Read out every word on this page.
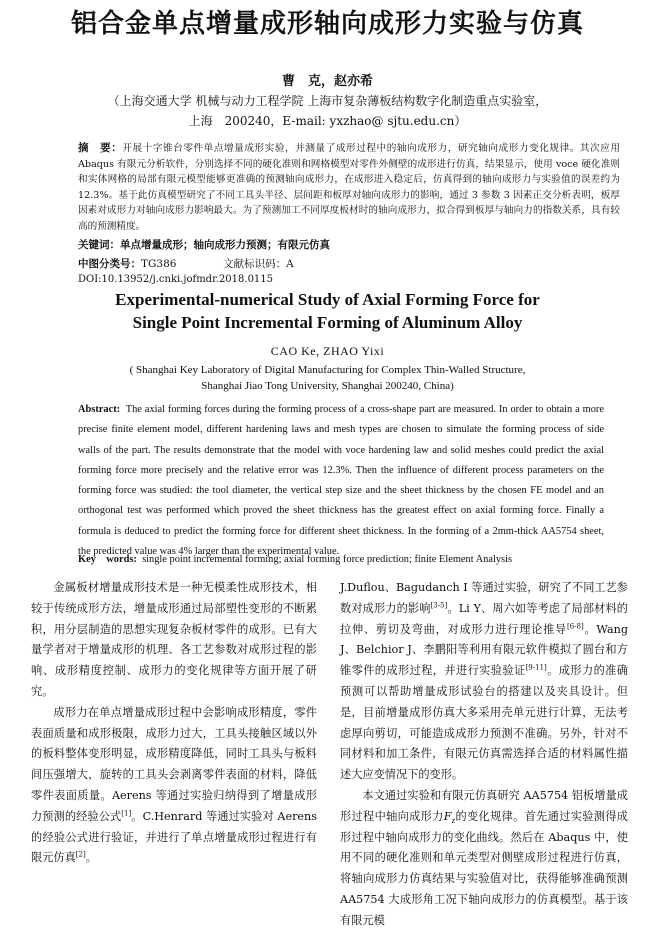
铝合金单点增量成形轴向成形力实验与仿真
曹　克，赵亦希
（上海交通大学 机械与动力工程学院 上海市复杂薄板结构数字化制造重点实验室，
上海　200240，E-mail: yxzhao@ sjtu.edu.cn）
摘　要：开展十字锥台零件单点增量成形实验，并测量了成形过程中的轴向成形力，研究轴向成形力变化规律。其次应用 Abaqus 有限元分析软件，分别选择不同的硬化准则和网格模型对零件外侧壁的成形进行仿真，结果显示，使用 voce 硬化准则和实体网格的局部有限元模型能够更准确的预测轴向成形力，在成形进入稳定后，仿真得到的轴向成形力与实验值的误差约为 12.3%。基于此仿真模型研究了不同工具头半径、层间距和板厚对轴向成形力的影响，通过 3 参数 3 因素正交分析表明，板厚因素对成形力对轴向成形力影响最大。为了预测加工不同厚度板材时的轴向成形力，拟合得到板厚与轴向力的指数关系，具有较高的预测精度。
关键词：单点增量成形；轴向成形力预测；有限元仿真
中图分类号：TG386	文献标识码：A
DOI:10.13952/j.cnki.jofmdr.2018.0115
Experimental-numerical Study of Axial Forming Force for
Single Point Incremental Forming of Aluminum Alloy
CAO Ke, ZHAO Yixi
( Shanghai Key Laboratory of Digital Manufacturing for Complex Thin-Walled Structure,
Shanghai Jiao Tong University, Shanghai 200240, China)
Abstract: The axial forming forces during the forming process of a cross-shape part are measured. In order to obtain a more precise finite element model, different hardening laws and mesh types are chosen to simulate the forming process of side walls of the part. The results demonstrate that the model with voce hardening law and solid meshes could predict the axial forming force more precisely and the relative error was 12.3%. Then the influence of different process parameters on the forming force was studied: the tool diameter, the vertical step size and the sheet thickness by the chosen FE model and an orthogonal test was performed which proved the sheet thickness has the greatest effect on axial forming force. Finally a formula is deduced to predict the forming force for different sheet thickness. In the forming of a 2mm-thick AA5754 sheet, the predicted value was 4% larger than the experimental value.
Key　words: single point incremental forming; axial forming force prediction; finite Element Analysis

金属板材增量成形技术是一种无模柔性成形技术，相较于传统成形方法，增量成形通过局部塑性变形的不断累积，用分层制造的思想实现复杂板材零件的成形。已有大量学者对于增量成形的机理、各工艺参数对成形过程的影响、成形精度控制、成形力的变化规律等方面开展了研究。

成形力在单点增量成形过程中会影响成形精度，零件表面质量和成形极限，成形力过大，工具头接触区域以外的板料整体变形明显，成形精度降低，同时工具头与板料间压强增大，旋转的工具头会剥离零件表面的材料，降低零件表面质量。Aerens 等通过实验归纳得到了增量成形力预测的经验公式[1]。C.Henrard 等通过实验对 Aerens 的经验公式进行验证，并进行了单点增量成形过程进行有限元仿真[2]。

J.Duflou、Bagudanch I 等通过实验，研究了不同工艺参数对成形力的影响[3-5]。Li Y、周六如等考虑了局部材料的拉伸、剪切及弯曲，对成形力进行理论推导[6-8]。Wang J、Belchior J、李鹏阳等利用有限元软件模拟了圆台和方锥零件的成形过程，并进行实验验证[9-11]。成形力的准确预测可以帮助增量成形试验台的搭建以及夹具设计。但是，目前增量成形仿真大多采用壳单元进行计算，无法考虑厚向剪切，可能造成成形力预测不准确。另外，针对不同材料和加工条件，有限元仿真需选择合适的材料属性描述大应变情况下的变形。

本文通过实验和有限元仿真研究 AA5754 铝板增量成形过程中轴向成形力$F_z$的变化规律。首先通过实验测得成形过程中轴向成形力的变化曲线。然后在 Abaqus 中，使用不同的硬化准则和单元类型对侧壁成形过程进行仿真，将轴向成形力仿真结果与实验值对比，获得能够准确预测 AA5754 大成形角工况下轴向成形力的仿真模型。基于该有限元模
